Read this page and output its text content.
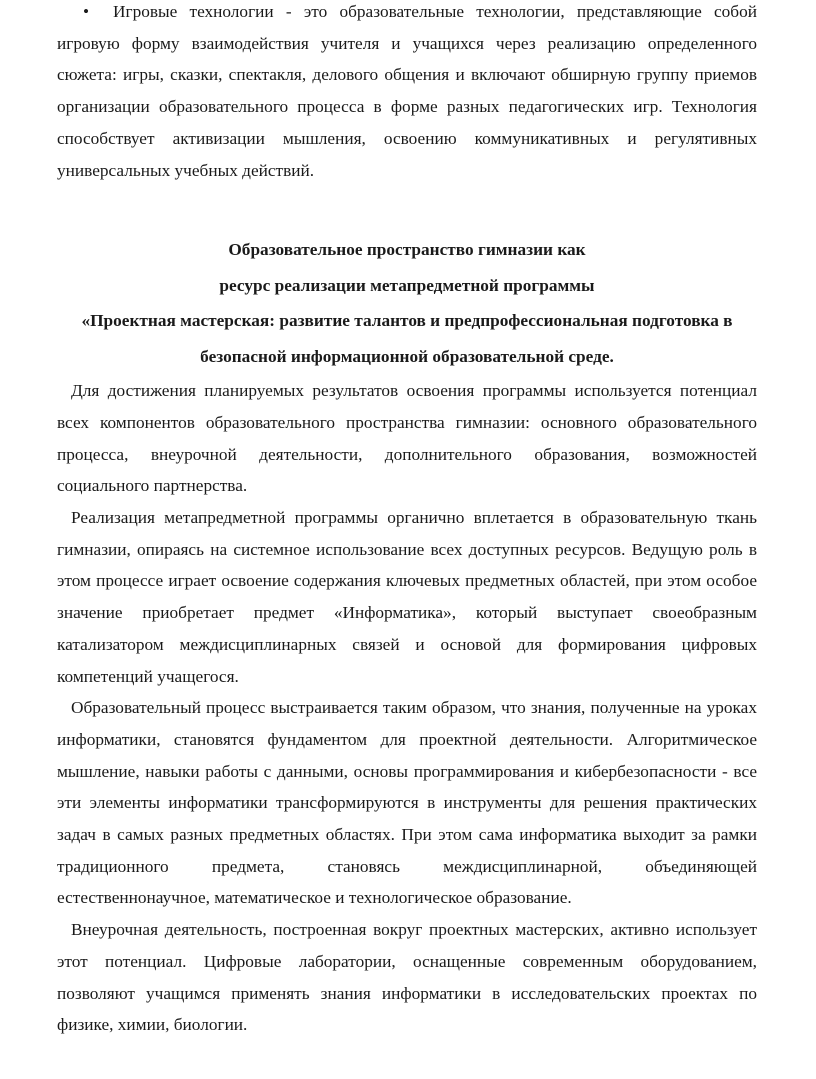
• Игровые технологии - это образовательные технологии, представляющие собой игровую форму взаимодействия учителя и учащихся через реализацию определенного сюжета: игры, сказки, спектакля, делового общения и включают обширную группу приемов организации образовательного процесса в форме разных педагогических игр. Технология способствует активизации мышления, освоению коммуникативных и регулятивных универсальных учебных действий.

Образовательное пространство гимназии как

ресурс реализации метапредметной программы

«Проектная мастерская: развитие талантов и предпрофессиональная подготовка в

безопасной информационной образовательной среде.

Для достижения планируемых результатов освоения программы используется потенциал всех компонентов образовательного пространства гимназии: основного образовательного процесса, внеурочной деятельности, дополнительного образования, возможностей социального партнерства.

Реализация метапредметной программы органично вплетается в образовательную ткань гимназии, опираясь на системное использование всех доступных ресурсов. Ведущую роль в этом процессе играет освоение содержания ключевых предметных областей, при этом особое значение приобретает предмет «Информатика», который выступает своеобразным катализатором междисциплинарных связей и основой для формирования цифровых компетенций учащегося.

Образовательный процесс выстраивается таким образом, что знания, полученные на уроках информатики, становятся фундаментом для проектной деятельности. Алгоритмическое мышление, навыки работы с данными, основы программирования и кибербезопасности - все эти элементы информатики трансформируются в инструменты для решения практических задач в самых разных предметных областях. При этом сама информатика выходит за рамки традиционного предмета, становясь междисциплинарной, объединяющей естественнонаучное, математическое и технологическое образование.

Внеурочная деятельность, построенная вокруг проектных мастерских, активно использует этот потенциал. Цифровые лаборатории, оснащенные современным оборудованием, позволяют учащимся применять знания информатики в исследовательских проектах по физике, химии, биологии.
